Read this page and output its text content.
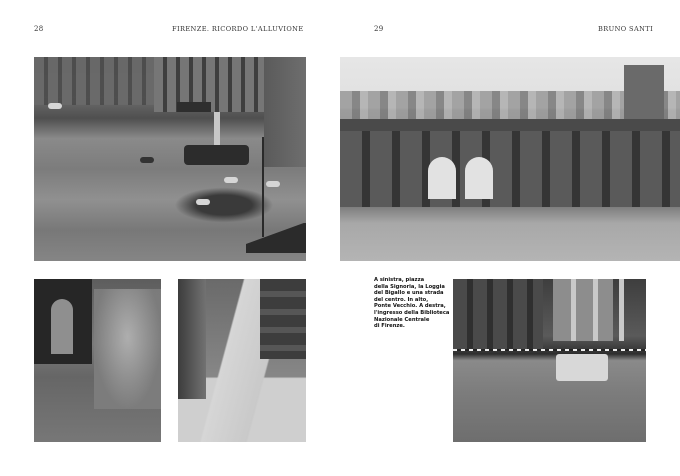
28	FIRENZE. RICORDO L'ALLUVIONE	29	BRUNO SANTI
A sinistra, piazza
della Signoria, la Loggia
del Bigallo e una strada
del centro. In alto,
Ponte Vecchio. A destra,
l'ingresso della Biblioteca
Nazionale Centrale
di Firenze.
